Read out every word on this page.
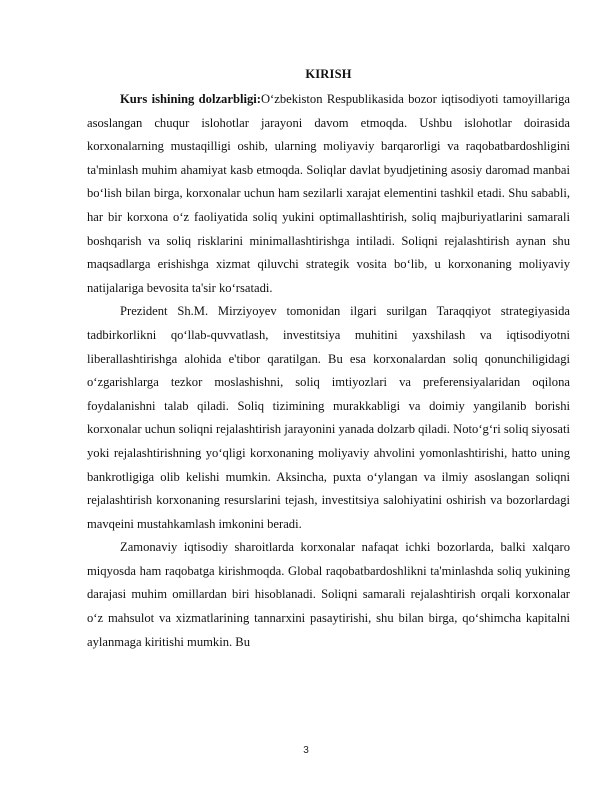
KIRISH

Kurs ishining dolzarbligi:O‘zbekiston Respublikasida bozor iqtisodiyoti tamoyillariga asoslangan chuqur islohotlar jarayoni davom etmoqda. Ushbu islohotlar doirasida korxonalarning mustaqilligi oshib, ularning moliyaviy barqarorligi va raqobatbardoshligini ta'minlash muhim ahamiyat kasb etmoqda. Soliqlar davlat byudjetining asosiy daromad manbai bo‘lish bilan birga, korxonalar uchun ham sezilarli xarajat elementini tashkil etadi. Shu sababli, har bir korxona o‘z faoliyatida soliq yukini optimallashtirish, soliq majburiyatlarini samarali boshqarish va soliq risklarini minimallashtirishga intiladi. Soliqni rejalashtirish aynan shu maqsadlarga erishishga xizmat qiluvchi strategik vosita bo‘lib, u korxonaning moliyaviy natijalariga bevosita ta'sir ko‘rsatadi.

Prezident Sh.M. Mirziyoyev tomonidan ilgari surilgan Taraqqiyot strategiyasida tadbirkorlikni qo‘llab-quvvatlash, investitsiya muhitini yaxshilash va iqtisodiyotni liberallashtirishga alohida e'tibor qaratilgan. Bu esa korxonalardan soliq qonunchiligidagi o‘zgarishlarga tezkor moslashishni, soliq imtiyozlari va preferensiyalaridan oqilona foydalanishni talab qiladi. Soliq tizimining murakkabligi va doimiy yangilanib borishi korxonalar uchun soliqni rejalashtirish jarayonini yanada dolzarb qiladi. Noto‘g‘ri soliq siyosati yoki rejalashtirishning yo‘qligi korxonaning moliyaviy ahvolini yomonlashtirishi, hatto uning bankrotligiga olib kelishi mumkin. Aksincha, puxta o‘ylangan va ilmiy asoslangan soliqni rejalashtirish korxonaning resurslarini tejash, investitsiya salohiyatini oshirish va bozorlardagi mavqeini mustahkamlash imkonini beradi.

Zamonaviy iqtisodiy sharoitlarda korxonalar nafaqat ichki bozorlarda, balki xalqaro miqyosda ham raqobatga kirishmoqda. Global raqobatbardoshlikni ta'minlashda soliq yukining darajasi muhim omillardan biri hisoblanadi. Soliqni samarali rejalashtirish orqali korxonalar o‘z mahsulot va xizmatlarining tannarxini pasaytirishi, shu bilan birga, qo‘shimcha kapitalni aylanmaga kiritishi mumkin. Bu

3
